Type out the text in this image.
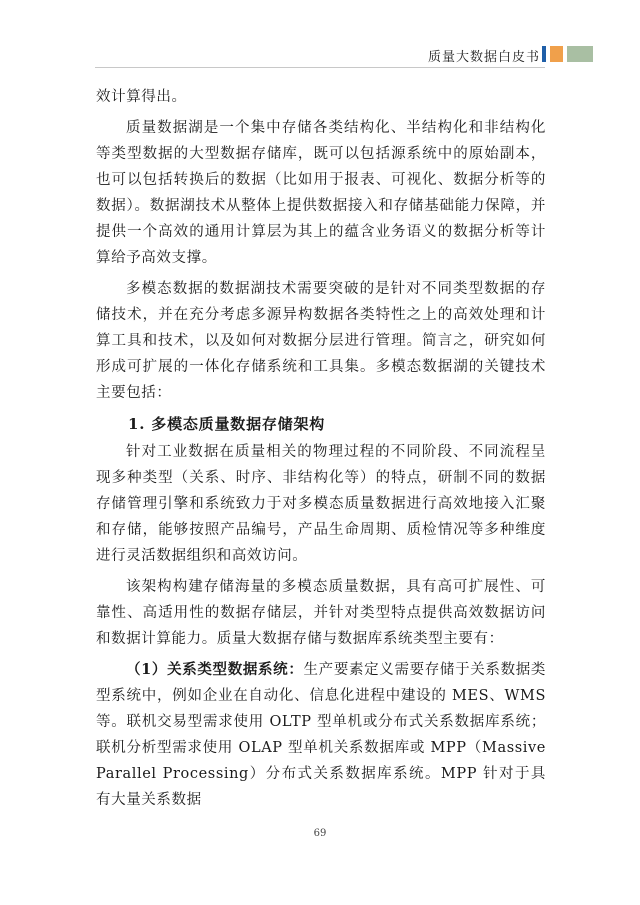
质量大数据白皮书

效计算得出。

质量数据湖是一个集中存储各类结构化、半结构化和非结构化等类型数据的大型数据存储库，既可以包括源系统中的原始副本，也可以包括转换后的数据（比如用于报表、可视化、数据分析等的数据）。数据湖技术从整体上提供数据接入和存储基础能力保障，并提供一个高效的通用计算层为其上的蕴含业务语义的数据分析等计算给予高效支撑。

多模态数据的数据湖技术需要突破的是针对不同类型数据的存储技术，并在充分考虑多源异构数据各类特性之上的高效处理和计算工具和技术，以及如何对数据分层进行管理。简言之，研究如何形成可扩展的一体化存储系统和工具集。多模态数据湖的关键技术主要包括：

1. 多模态质量数据存储架构

针对工业数据在质量相关的物理过程的不同阶段、不同流程呈现多种类型（关系、时序、非结构化等）的特点，研制不同的数据存储管理引擎和系统致力于对多模态质量数据进行高效地接入汇聚和存储，能够按照产品编号，产品生命周期、质检情况等多种维度进行灵活数据组织和高效访问。

该架构构建存储海量的多模态质量数据，具有高可扩展性、可靠性、高适用性的数据存储层，并针对类型特点提供高效数据访问和数据计算能力。质量大数据存储与数据库系统类型主要有：

（1）关系类型数据系统：生产要素定义需要存储于关系数据类型系统中，例如企业在自动化、信息化进程中建设的 MES、WMS 等。联机交易型需求使用 OLTP 型单机或分布式关系数据库系统；联机分析型需求使用 OLAP 型单机关系数据库或 MPP（Massive Parallel Processing）分布式关系数据库系统。MPP 针对于具有大量关系数据

69
